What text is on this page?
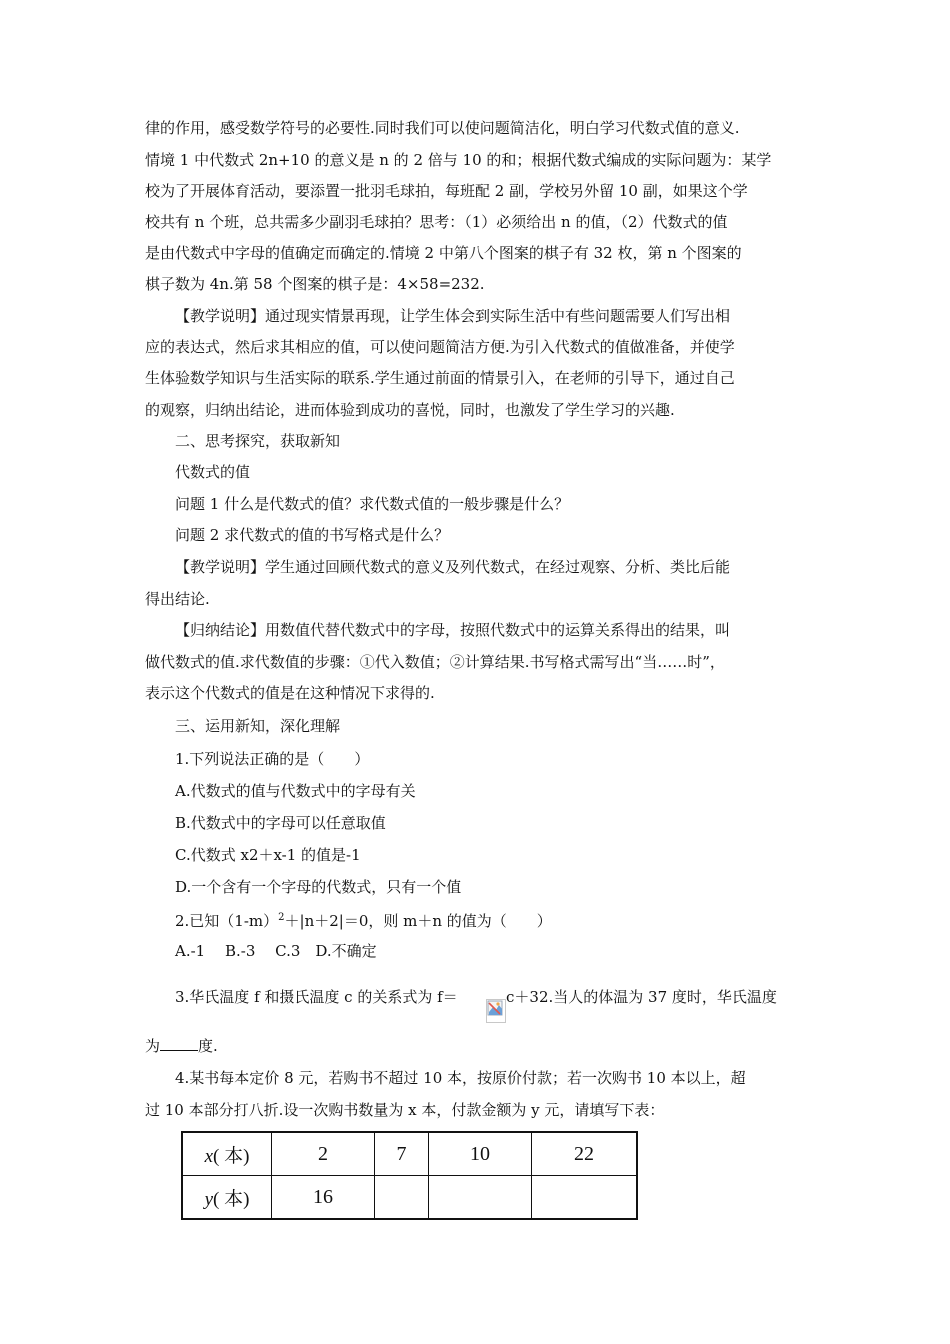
律的作用，感受数学符号的必要性.同时我们可以使问题简洁化，明白学习代数式值的意义.
情境 1 中代数式 2n+10 的意义是 n 的 2 倍与 10 的和；根据代数式编成的实际问题为：某学
校为了开展体育活动，要添置一批羽毛球拍，每班配 2 副，学校另外留 10 副，如果这个学
校共有 n 个班，总共需多少副羽毛球拍？思考：（1）必须给出 n 的值，（2）代数式的值
是由代数式中字母的值确定而确定的.情境 2 中第八个图案的棋子有 32 枚，第 n 个图案的
棋子数为 4n.第 58 个图案的棋子是：4×58=232.
【教学说明】通过现实情景再现，让学生体会到实际生活中有些问题需要人们写出相
应的表达式，然后求其相应的值，可以使问题简洁方便.为引入代数式的值做准备，并使学
生体验数学知识与生活实际的联系.学生通过前面的情景引入，在老师的引导下，通过自己
的观察，归纳出结论，进而体验到成功的喜悦，同时，也激发了学生学习的兴趣.
二、思考探究，获取新知
代数式的值
问题 1 什么是代数式的值？求代数式值的一般步骤是什么？
问题 2 求代数式的值的书写格式是什么？
【教学说明】学生通过回顾代数式的意义及列代数式，在经过观察、分析、类比后能
得出结论.
【归纳结论】用数值代替代数式中的字母，按照代数式中的运算关系得出的结果，叫
做代数式的值.求代数值的步骤：①代入数值；②计算结果.书写格式需写出“当……时”，
表示这个代数式的值是在这种情况下求得的.
三、运用新知，深化理解
1.下列说法正确的是（　　）
A.代数式的值与代数式中的字母有关
B.代数式中的字母可以任意取值
C.代数式 x2＋x-1 的值是-1
D.一个含有一个字母的代数式，只有一个值
2.已知$(1-m)^2+|n+2|=0$，则 m＋n 的值为（　　）
A.-1　 B.-3　 C.3　D.不确定
3.华氏温度 f 和摄氏温度 c 的关系式为 f＝	c＋32.当人的体温为 37 度时，华氏温度
为	度.
4.某书每本定价 8 元，若购书不超过 10 本，按原价付款；若一次购书 10 本以上，超
过 10 本部分打八折.设一次购书数量为 x 本，付款金额为 y 元，请填写下表：
x( 本)	2	7	10	22
y( 本)	16			
